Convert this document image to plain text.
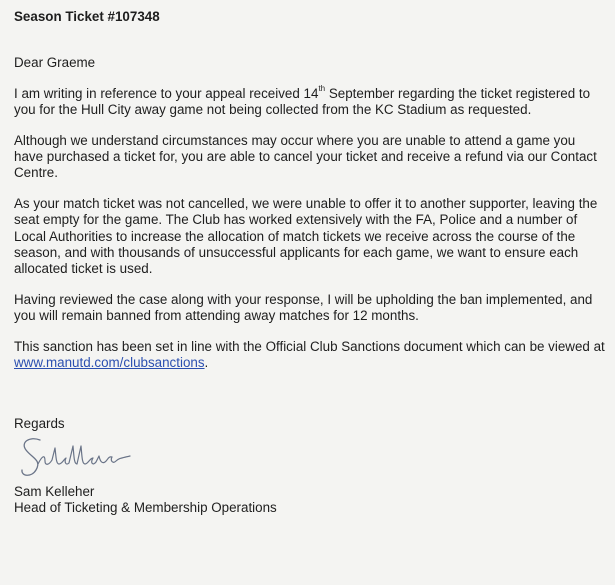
Season Ticket #107348
Dear Graeme
I am writing in reference to your appeal received 14th September regarding the ticket registered to you for the Hull City away game not being collected from the KC Stadium as requested.
Although we understand circumstances may occur where you are unable to attend a game you have purchased a ticket for, you are able to cancel your ticket and receive a refund via our Contact Centre.
As your match ticket was not cancelled, we were unable to offer it to another supporter, leaving the seat empty for the game. The Club has worked extensively with the FA, Police and a number of Local Authorities to increase the allocation of match tickets we receive across the course of the season, and with thousands of unsuccessful applicants for each game, we want to ensure each allocated ticket is used.
Having reviewed the case along with your response, I will be upholding the ban implemented, and you will remain banned from attending away matches for 12 months.
This sanction has been set in line with the Official Club Sanctions document which can be viewed at www.manutd.com/clubsanctions.
Regards
Sam Kelleher
Head of Ticketing & Membership Operations
